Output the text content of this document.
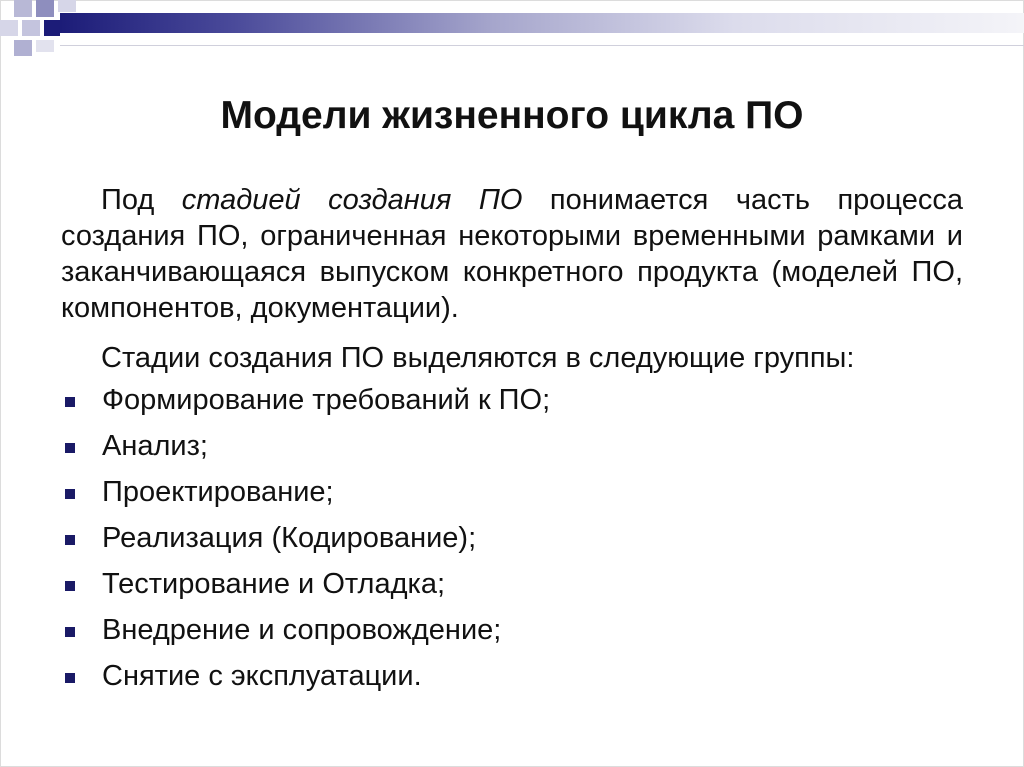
Модели жизненного цикла ПО

Под стадией создания ПО понимается часть процесса создания ПО, ограниченная некоторыми временными рамками и заканчивающаяся выпуском конкретного продукта (моделей ПО, компонентов, документации).

Стадии создания ПО выделяются в следующие группы:

Формирование требований к ПО;
Анализ;
Проектирование;
Реализация (Кодирование);
Тестирование и Отладка;
Внедрение и сопровождение;
Снятие с эксплуатации.
